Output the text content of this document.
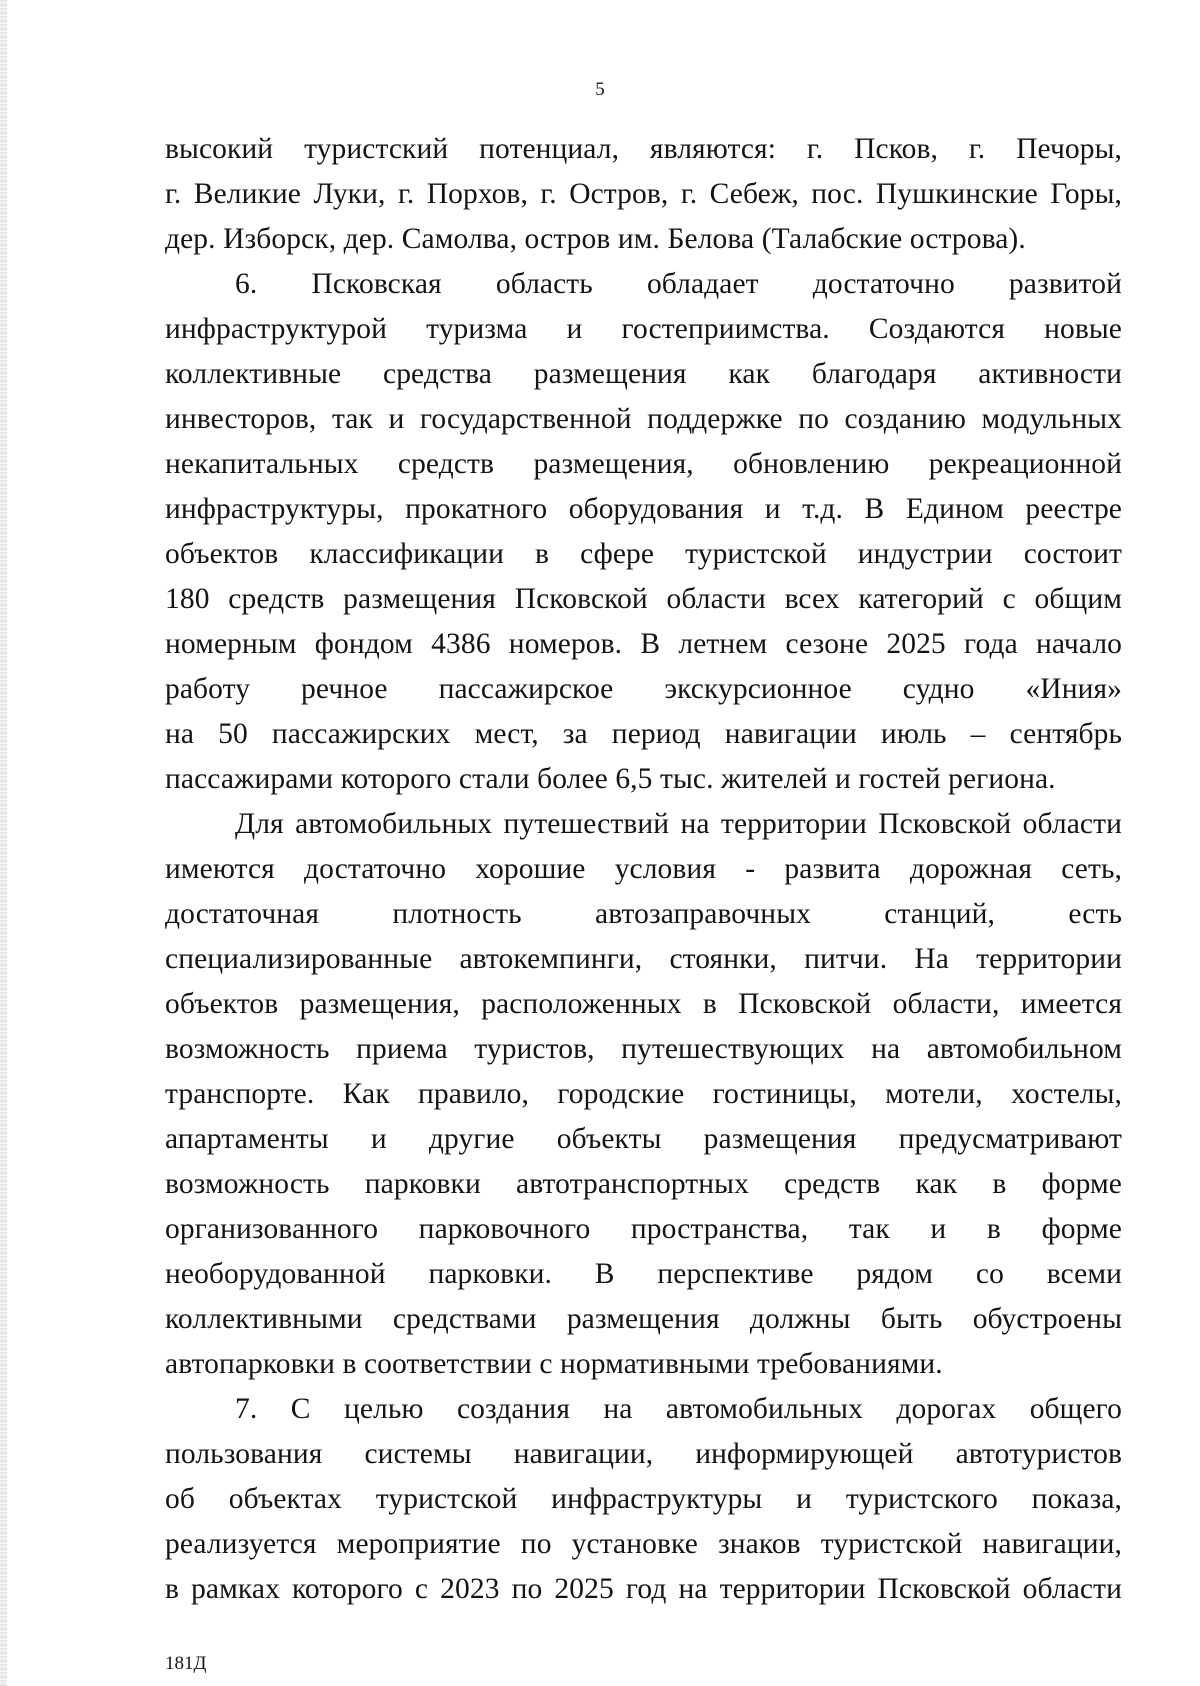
5
высокий туристский потенциал, являются: г. Псков, г. Печоры,
г. Великие Луки, г. Порхов, г. Остров, г. Себеж, пос. Пушкинские Горы,
дер. Изборск, дер. Самолва, остров им. Белова (Талабские острова).
6. Псковская область обладает достаточно развитой
инфраструктурой туризма и гостеприимства. Создаются новые
коллективные средства размещения как благодаря активности
инвесторов, так и государственной поддержке по созданию модульных
некапитальных средств размещения, обновлению рекреационной
инфраструктуры, прокатного оборудования и т.д. В Едином реестре
объектов классификации в сфере туристской индустрии состоит
180 средств размещения Псковской области всех категорий с общим
номерным фондом 4386 номеров. В летнем сезоне 2025 года начало
работу речное пассажирское экскурсионное судно «Иния»
на 50 пассажирских мест, за период навигации июль – сентябрь
пассажирами которого стали более 6,5 тыс. жителей и гостей региона.
Для автомобильных путешествий на территории Псковской области
имеются достаточно хорошие условия - развита дорожная сеть,
достаточная плотность автозаправочных станций, есть
специализированные автокемпинги, стоянки, питчи. На территории
объектов размещения, расположенных в Псковской области, имеется
возможность приема туристов, путешествующих на автомобильном
транспорте. Как правило, городские гостиницы, мотели, хостелы,
апартаменты и другие объекты размещения предусматривают
возможность парковки автотранспортных средств как в форме
организованного парковочного пространства, так и в форме
необорудованной парковки. В перспективе рядом со всеми
коллективными средствами размещения должны быть обустроены
автопарковки в соответствии с нормативными требованиями.
7. С целью создания на автомобильных дорогах общего
пользования системы навигации, информирующей автотуристов
об объектах туристской инфраструктуры и туристского показа,
реализуется мероприятие по установке знаков туристской навигации,
в рамках которого с 2023 по 2025 год на территории Псковской области
181Д
